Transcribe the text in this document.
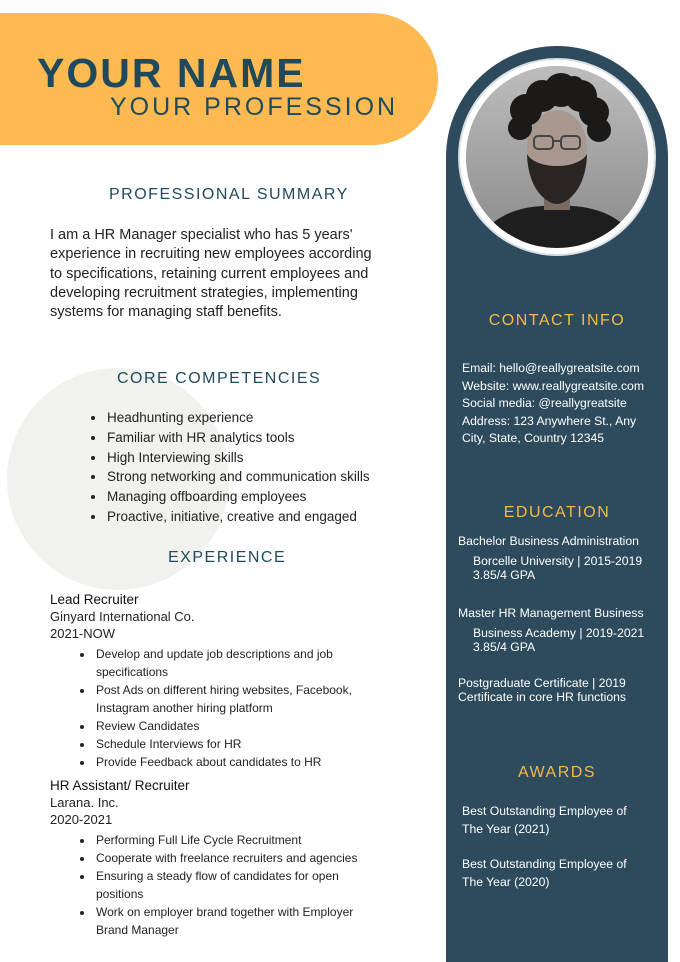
YOUR NAME
YOUR PROFESSION
PROFESSIONAL SUMMARY
I am a HR Manager specialist who has 5 years' experience in recruiting new employees according to specifications, retaining current employees and developing recruitment strategies, implementing systems for managing staff benefits.
CORE COMPETENCIES
Headhunting experience
Familiar with HR analytics tools
High Interviewing skills
Strong networking and communication skills
Managing offboarding employees
Proactive, initiative, creative and engaged
EXPERIENCE
Lead Recruiter
Ginyard International Co.
2021-NOW
Develop and update job descriptions and job specifications
Post Ads on different hiring websites, Facebook, Instagram another hiring platform
Review Candidates
Schedule Interviews for HR
Provide Feedback about candidates to HR
HR Assistant/ Recruiter
Larana. Inc.
2020-2021
Performing Full Life Cycle Recruitment
Cooperate with freelance recruiters and agencies
Ensuring a steady flow of candidates for open positions
Work on employer brand together with Employer Brand Manager
CONTACT INFO
Email: hello@reallygreatsite.com
Website: www.reallygreatsite.com
Social media: @reallygreatsite
Address: 123 Anywhere St., Any City, State, Country 12345
EDUCATION
Bachelor Business Administration
Borcelle University | 2015-2019
3.85/4 GPA
Master HR Management Business
Business Academy | 2019-2021
3.85/4 GPA
Postgraduate Certificate | 2019
Certificate in core HR functions
AWARDS
Best Outstanding Employee of The Year (2021)
Best Outstanding Employee of The Year (2020)
